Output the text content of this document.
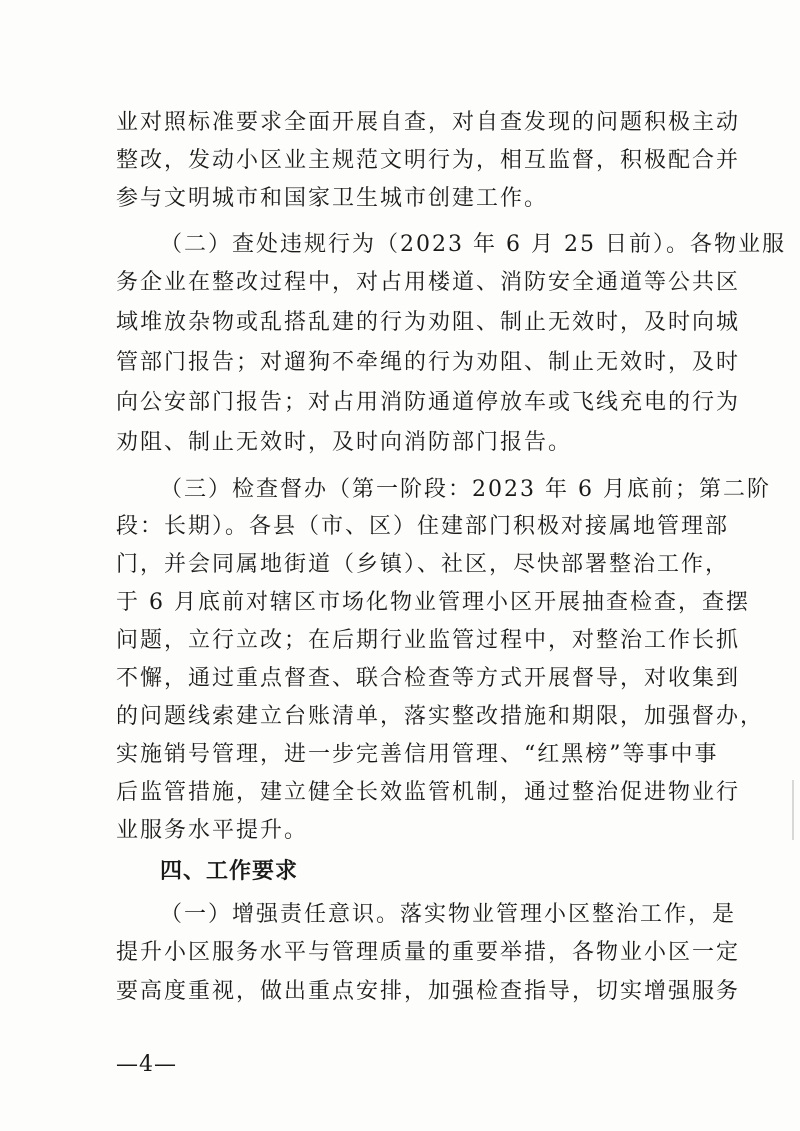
业对照标准要求全面开展自查，对自查发现的问题积极主动
整改，发动小区业主规范文明行为，相互监督，积极配合并
参与文明城市和国家卫生城市创建工作。
（二）查处违规行为（2023 年 6 月 25 日前）。各物业服
务企业在整改过程中，对占用楼道、消防安全通道等公共区
域堆放杂物或乱搭乱建的行为劝阻、制止无效时，及时向城
管部门报告；对遛狗不牵绳的行为劝阻、制止无效时，及时
向公安部门报告；对占用消防通道停放车或飞线充电的行为
劝阻、制止无效时，及时向消防部门报告。
（三）检查督办（第一阶段：2023 年 6 月底前；第二阶
段：长期）。各县（市、区）住建部门积极对接属地管理部
门，并会同属地街道（乡镇）、社区，尽快部署整治工作，
于 6 月底前对辖区市场化物业管理小区开展抽查检查，查摆
问题，立行立改；在后期行业监管过程中，对整治工作长抓
不懈，通过重点督查、联合检查等方式开展督导，对收集到
的问题线索建立台账清单，落实整改措施和期限，加强督办，
实施销号管理，进一步完善信用管理、“红黑榜”等事中事
后监管措施，建立健全长效监管机制，通过整治促进物业行
业服务水平提升。
四、工作要求
（一）增强责任意识。落实物业管理小区整治工作，是
提升小区服务水平与管理质量的重要举措，各物业小区一定
要高度重视，做出重点安排，加强检查指导，切实增强服务
—4—
